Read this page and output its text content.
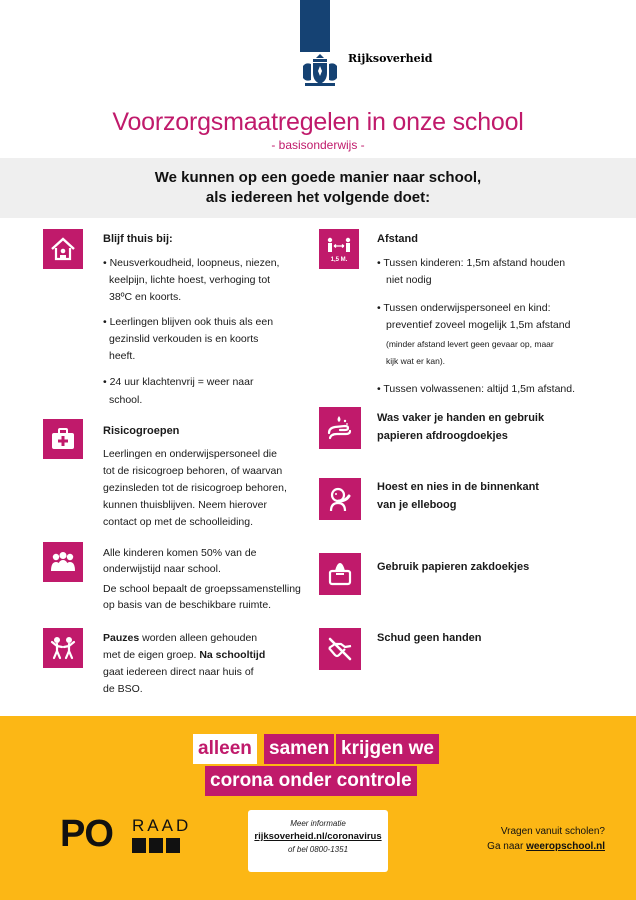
Rijksoverheid
Voorzorgsmaatregelen in onze school
- basisonderwijs -
We kunnen op een goede manier naar school,
als iedereen het volgende doet:
Blijf thuis bij:
• Neusverkoudheid, loopneus, niezen,
keelpijn, lichte hoest, verhoging tot
38ºC en koorts.
• Leerlingen blijven ook thuis als een
gezinslid verkouden is en koorts
heeft.
• 24 uur klachtenvrij = weer naar
school.
Risicogroepen
Leerlingen en onderwijspersoneel die
tot de risicogroep behoren, of waarvan
gezinsleden tot de risicogroep behoren,
kunnen thuisblijven. Neem hierover
contact op met de schoolleiding.
Alle kinderen komen 50% van de
onderwijstijd naar school.
De school bepaalt de groepssamenstelling
op basis van de beschikbare ruimte.
Pauzes worden alleen gehouden
met de eigen groep. Na schooltijd
gaat iedereen direct naar huis of
de BSO.
1,5 M.
Afstand
• Tussen kinderen: 1,5m afstand houden
niet nodig
• Tussen onderwijspersoneel en kind:
preventief zoveel mogelijk 1,5m afstand
(minder afstand levert geen gevaar op, maar
kijk wat er kan).
• Tussen volwassenen: altijd 1,5m afstand.
Was vaker je handen en gebruik
papieren afdroogdoekjes
Hoest en nies in de binnenkant
van je elleboog
Gebruik papieren zakdoekjes
Schud geen handen
alleen samen krijgen we
corona onder controle
PO RAAD	Meer informatie
rijksoverheid.nl/coronavirus
of bel 0800-1351
Vragen vanuit scholen?
Ga naar weeropschool.nl
